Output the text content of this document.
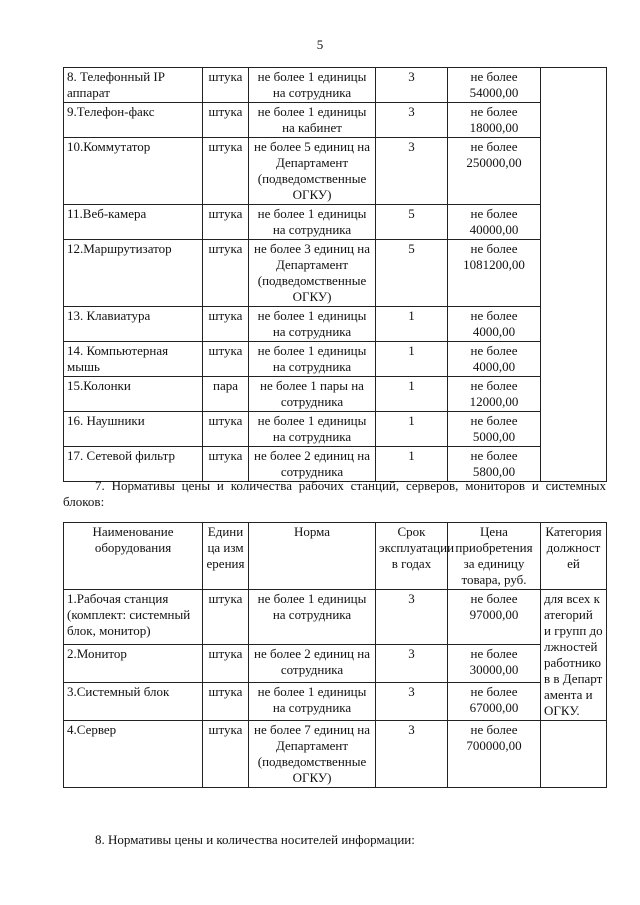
5
8. Телефонный IP аппарат	штука	не более 1 единицы на сотрудника	3	не более 54000,00	
9.Телефон-факс	штука	не более 1 единицы на кабинет	3	не более 18000,00	
10.Коммутатор	штука	не более 5 единиц на Департамент (подведомственные ОГКУ)	3	не более 250000,00	
11.Веб-камера	штука	не более 1 единицы на сотрудника	5	не более 40000,00	
12.Маршрутизатор	штука	не более 3 единиц на Департамент (подведомственные ОГКУ)	5	не более 1081200,00	
13. Клавиатура	штука	не более 1 единицы на сотрудника	1	не более 4000,00	
14. Компьютерная мышь	штука	не более 1 единицы на сотрудника	1	не более 4000,00	
15.Колонки	пара	не более 1 пары на сотрудника	1	не более 12000,00	
16. Наушники	штука	не более 1 единицы на сотрудника	1	не более 5000,00	
17. Сетевой фильтр	штука	не более 2 единиц на сотрудника	1	не более 5800,00	
7. Нормативы цены и количества рабочих станций, серверов, мониторов и системных блоков:
Наименование оборудования	Единица измерения	Норма	Срок эксплуатации в годах	Цена приобретения за единицу товара, руб.	Категория должностей
1.Рабочая станция (комплект: системный блок, монитор)	штука	не более 1 единицы на сотрудника	3	не более 97000,00	для всех категорий и групп должностей работников в Департамента и ОГКУ.
2.Монитор	штука	не более 2 единиц на сотрудника	3	не более 30000,00	
3.Системный блок	штука	не более 1 единицы на сотрудника	3	не более 67000,00	
4.Сервер	штука	не более 7 единиц на Департамент (подведомственные ОГКУ)	3	не более 700000,00	
8. Нормативы цены и количества носителей информации:
